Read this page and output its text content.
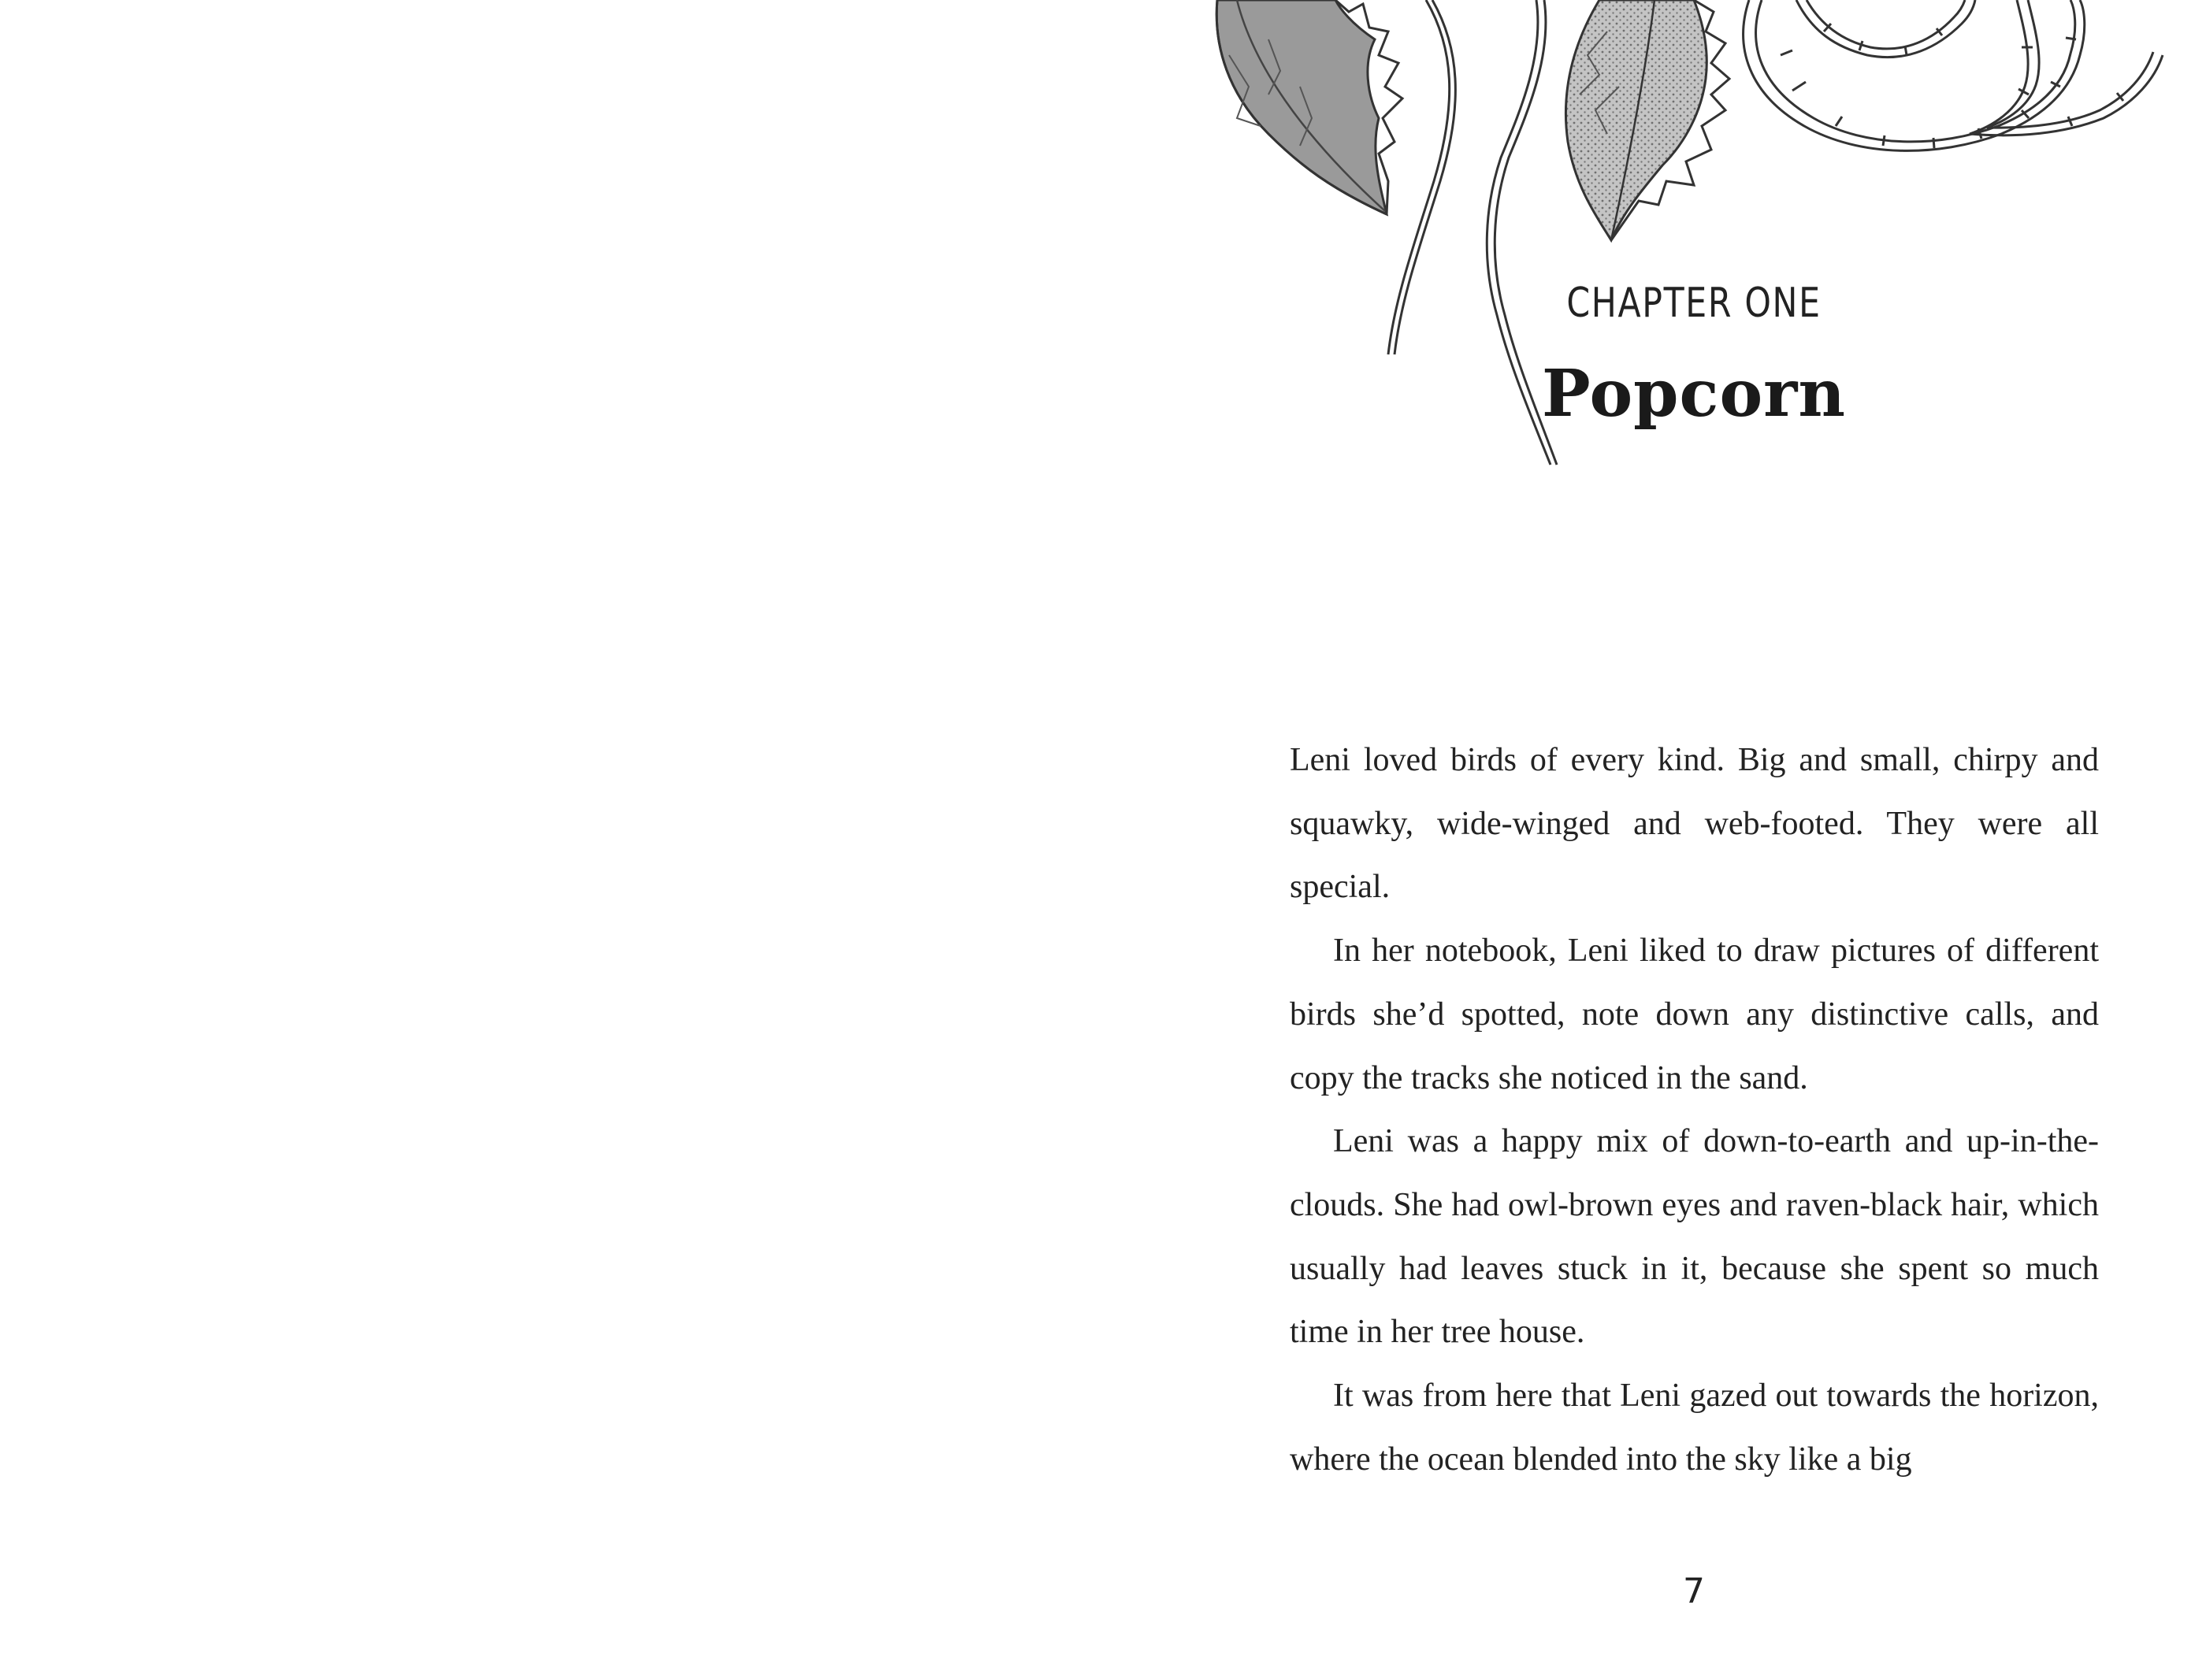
CHAPTER ONE
Popcorn

Leni loved birds of every kind. Big and small, chirpy and squawky, wide-winged and web-footed. They were all special.

In her notebook, Leni liked to draw pictures of different birds she’d spotted, note down any distinctive calls, and copy the tracks she noticed in the sand.

Leni was a happy mix of down-to-earth and up-in-the-clouds. She had owl-brown eyes and raven-black hair, which usually had leaves stuck in it, because she spent so much time in her tree house.

It was from here that Leni gazed out towards the horizon, where the ocean blended into the sky like a big

7
